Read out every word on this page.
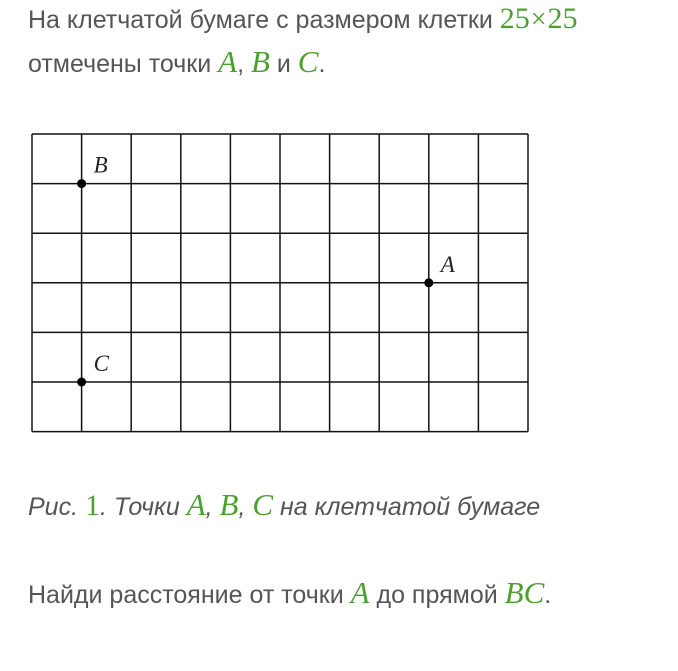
На клетчатой бумаге с размером клетки 25×25
отмечены точки A, B и C.
B
A
C
Рис. 1. Точки A, B, C на клетчатой бумаге
Найди расстояние от точки A до прямой BC.
